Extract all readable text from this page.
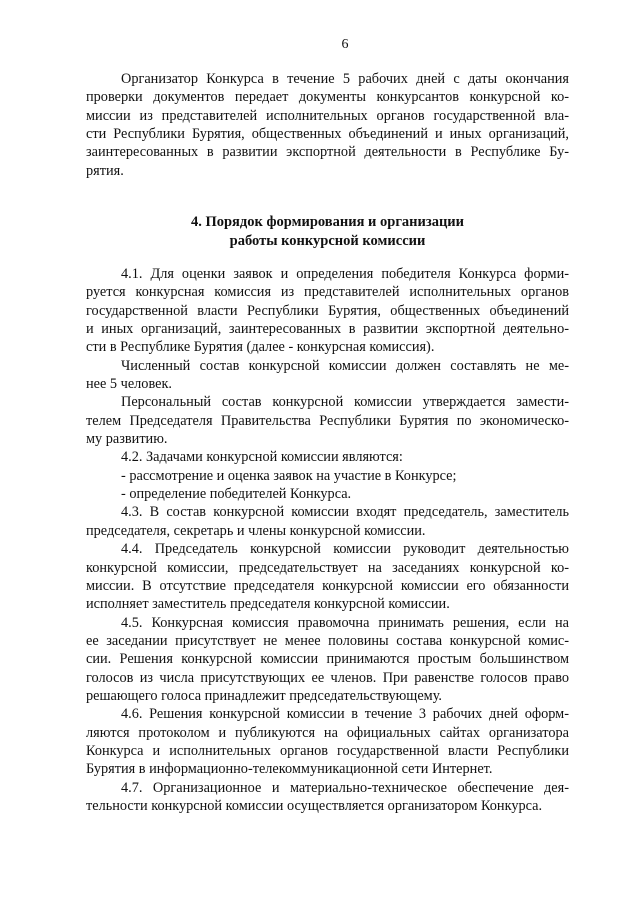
6
Организатор Конкурса в течение 5 рабочих дней с даты окончания
проверки документов передает документы конкурсантов конкурсной ко-
миссии из представителей исполнительных органов государственной вла-
сти Республики Бурятия, общественных объединений и иных организаций,
заинтересованных в развитии экспортной деятельности в Республике Бу-
рятия.
4. Порядок формирования и организации
работы конкурсной комиссии
4.1. Для оценки заявок и определения победителя Конкурса форми-
руется конкурсная комиссия из представителей исполнительных органов
государственной власти Республики Бурятия, общественных объединений
и иных организаций, заинтересованных в развитии экспортной деятельно-
сти в Республике Бурятия (далее - конкурсная комиссия).
Численный состав конкурсной комиссии должен составлять не ме-
нее 5 человек.
Персональный состав конкурсной комиссии утверждается замести-
телем Председателя Правительства Республики Бурятия по экономическо-
му развитию.
4.2. Задачами конкурсной комиссии являются:
- рассмотрение и оценка заявок на участие в Конкурсе;
- определение победителей Конкурса.
4.3. В состав конкурсной комиссии входят председатель, заместитель
председателя, секретарь и члены конкурсной комиссии.
4.4. Председатель конкурсной комиссии руководит деятельностью
конкурсной комиссии, председательствует на заседаниях конкурсной ко-
миссии. В отсутствие председателя конкурсной комиссии его обязанности
исполняет заместитель председателя конкурсной комиссии.
4.5. Конкурсная комиссия правомочна принимать решения, если на
ее заседании присутствует не менее половины состава конкурсной комис-
сии. Решения конкурсной комиссии принимаются простым большинством
голосов из числа присутствующих ее членов. При равенстве голосов право
решающего голоса принадлежит председательствующему.
4.6. Решения конкурсной комиссии в течение 3 рабочих дней оформ-
ляются протоколом и публикуются на официальных сайтах организатора
Конкурса и исполнительных органов государственной власти Республики
Бурятия в информационно-телекоммуникационной сети Интернет.
4.7. Организационное и материально-техническое обеспечение дея-
тельности конкурсной комиссии осуществляется организатором Конкурса.
